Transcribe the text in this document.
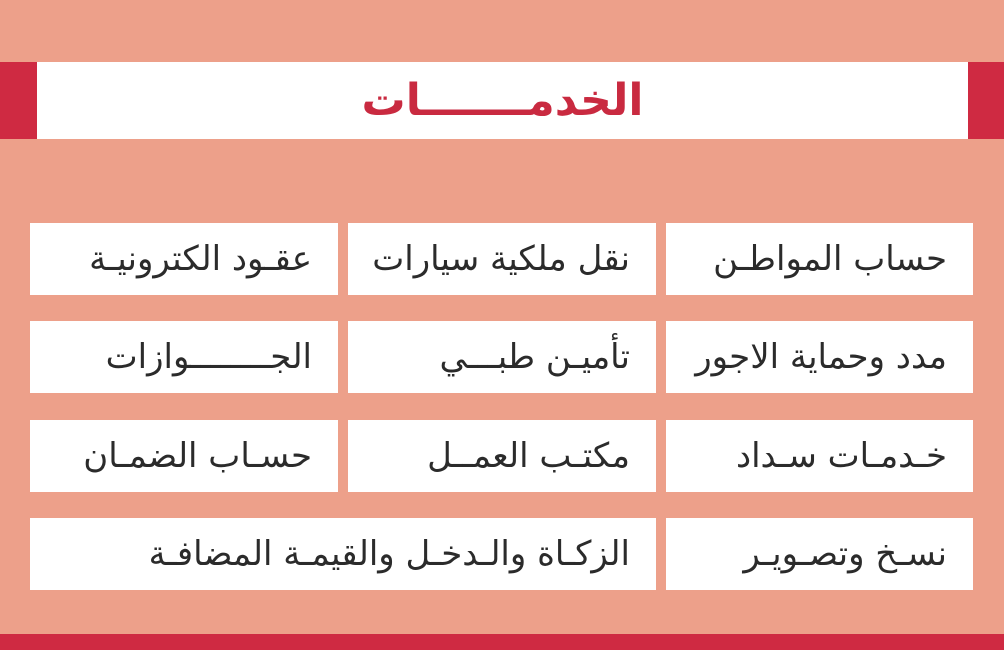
الخدمـــــــات
حساب المواطـن
نقل ملكية سيارات
عقـود الكترونيـة
مدد وحماية الاجور
تأميـن طبـــي
الجــــــــوازات
خـدمـات سـداد
مكتـب العمــل
حسـاب الضمـان
نسـخ وتصـويـر
الزكـاة والـدخـل والقيمـة المضافـة
